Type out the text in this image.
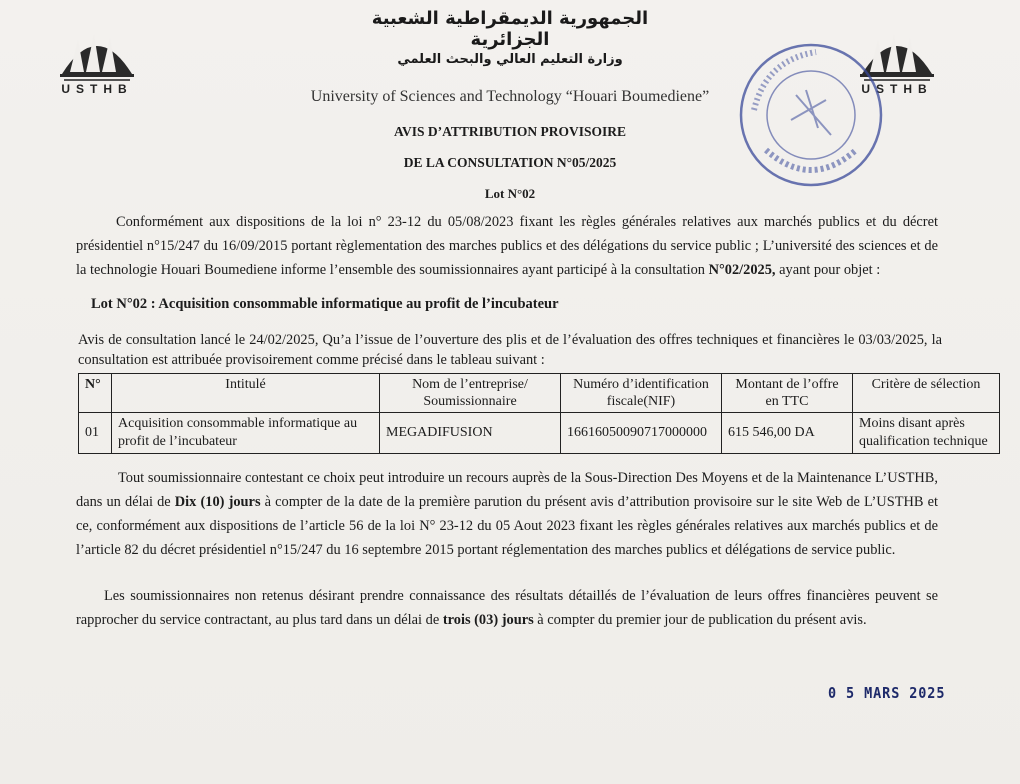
USTHB	USTHB
الجمهورية الديمقراطية الشعبية الجزائرية
وزارة التعليم العالي والبحث العلمي
University of Sciences and Technology “Houari Boumediene”
AVIS D’ATTRIBUTION PROVISOIRE
DE LA CONSULTATION N°05/2025
Lot N°02
Conformément aux dispositions de la loi n° 23-12 du 05/08/2023 fixant les règles générales relatives aux marchés publics et du décret présidentiel n°15/247 du 16/09/2015 portant règlementation des marches publics et des délégations du service public ; L’université des sciences et de la technologie Houari Boumediene informe l’ensemble des soumissionnaires ayant participé à la consultation N°02/2025, ayant pour objet :
Lot N°02 : Acquisition consommable informatique au profit de l’incubateur
Avis de consultation lancé le 24/02/2025, Qu’a l’issue de l’ouverture des plis et de l’évaluation des offres techniques et financières le 03/03/2025, la consultation est attribuée provisoirement comme précisé dans le tableau suivant :
N°	Intitulé	Nom de l’entreprise/ Soumissionnaire	Numéro d’identification fiscale(NIF)	Montant de l’offre en TTC	Critère de sélection
01	Acquisition consommable informatique au profit de l’incubateur	MEGADIFUSION	16616050090717000000	615 546,00 DA	Moins disant après qualification technique
Tout soumissionnaire contestant ce choix peut introduire un recours auprès de la Sous-Direction Des Moyens et de la Maintenance L’USTHB, dans un délai de Dix (10) jours à compter de la date de la première parution du présent avis d’attribution provisoire sur le site Web de L’USTHB et ce, conformément aux dispositions de l’article 56 de la loi N° 23-12 du 05 Aout 2023 fixant les règles générales relatives aux marchés publics et de l’article 82 du décret présidentiel n°15/247 du 16 septembre 2015 portant réglementation des marches publics et délégations de service public.
Les soumissionnaires non retenus désirant prendre connaissance des résultats détaillés de l’évaluation de leurs offres financières peuvent se rapprocher du service contractant, au plus tard dans un délai de trois (03) jours à compter du premier jour de publication du présent avis.
0 5 MARS 2025
